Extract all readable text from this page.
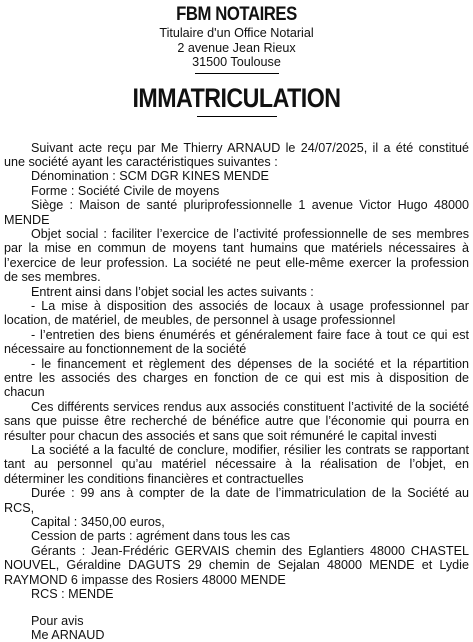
FBM NOTAIRES
Titulaire d'un Office Notarial
2 avenue Jean Rieux
31500 Toulouse
IMMATRICULATION

Suivant acte reçu par Me Thierry ARNAUD le 24/07/2025, il a été constitué une société ayant les caractéristiques suivantes :

Dénomination : SCM DGR KINES MENDE

Forme : Société Civile de moyens

Siège : Maison de santé pluriprofessionnelle 1 avenue Victor Hugo 48000 MENDE

Objet social : faciliter l’exercice de l’activité professionnelle de ses membres par la mise en commun de moyens tant humains que matériels nécessaires à l’exercice de leur profession. La société ne peut elle-même exercer la profession de ses membres.

Entrent ainsi dans l’objet social les actes suivants :

- La mise à disposition des associés de locaux à usage professionnel par location, de matériel, de meubles, de personnel à usage professionnel

- l’entretien des biens énumérés et généralement faire face à tout ce qui est nécessaire au fonctionnement de la société

- le financement et règlement des dépenses de la société et la répartition entre les associés des charges en fonction de ce qui est mis à disposition de chacun

Ces différents services rendus aux associés constituent l’activité de la société sans que puisse être recherché de bénéfice autre que l’économie qui pourra en résulter pour chacun des associés et sans que soit rémunéré le capital investi

La société a la faculté de conclure, modifier, résilier les contrats se rapportant tant au personnel qu’au matériel nécessaire à la réalisation de l’objet, en déterminer les conditions financières et contractuelles

Durée : 99 ans à compter de la date de l’immatriculation de la Société au RCS,

Capital : 3450,00 euros,

Cession de parts : agrément dans tous les cas

Gérants : Jean-Frédéric GERVAIS chemin des Eglantiers 48000 CHASTEL NOUVEL, Géraldine DAGUTS 29 chemin de Sejalan 48000 MENDE et Lydie RAYMOND 6 impasse des Rosiers 48000 MENDE

RCS : MENDE

Pour avis

Me ARNAUD
